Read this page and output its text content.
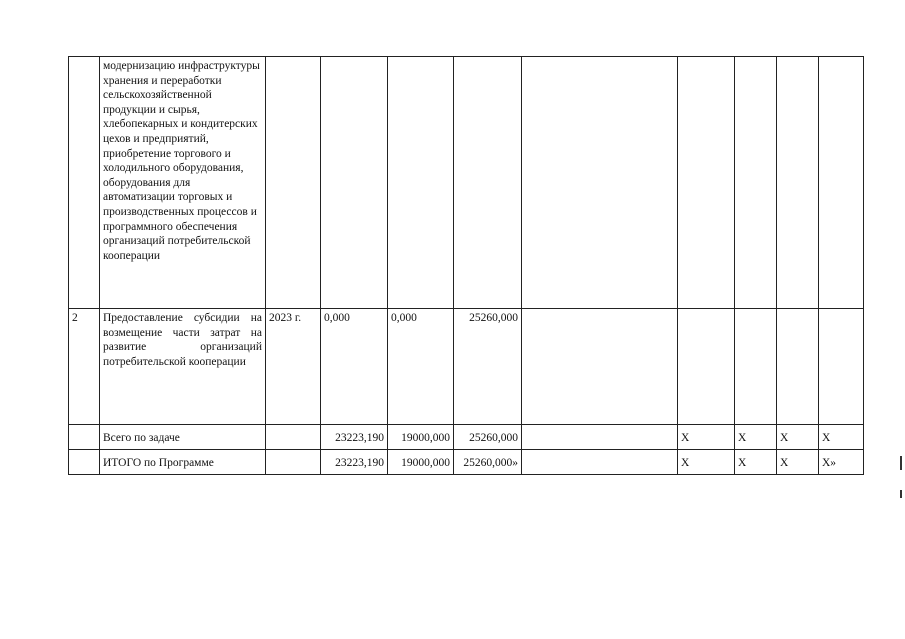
	модернизацию инфраструктуры хранения и переработки сельскохозяйственной продукции и сырья, хлебопекарных и кондитерских цехов и предприятий, приобретение торгового и холодильного оборудования, оборудования для автоматизации торговых и производственных процессов и программного обеспечения организаций потребительской кооперации									
2	Предоставление субсидии на возмещение части затрат на развитие организаций потребительской кооперации	2023 г.	0,000	0,000	25260,000					
	Всего по задаче		23223,190	19000,000	25260,000		X	X	X	X
	ИТОГО по Программе		23223,190	19000,000	25260,000»		X	X	X	X»
